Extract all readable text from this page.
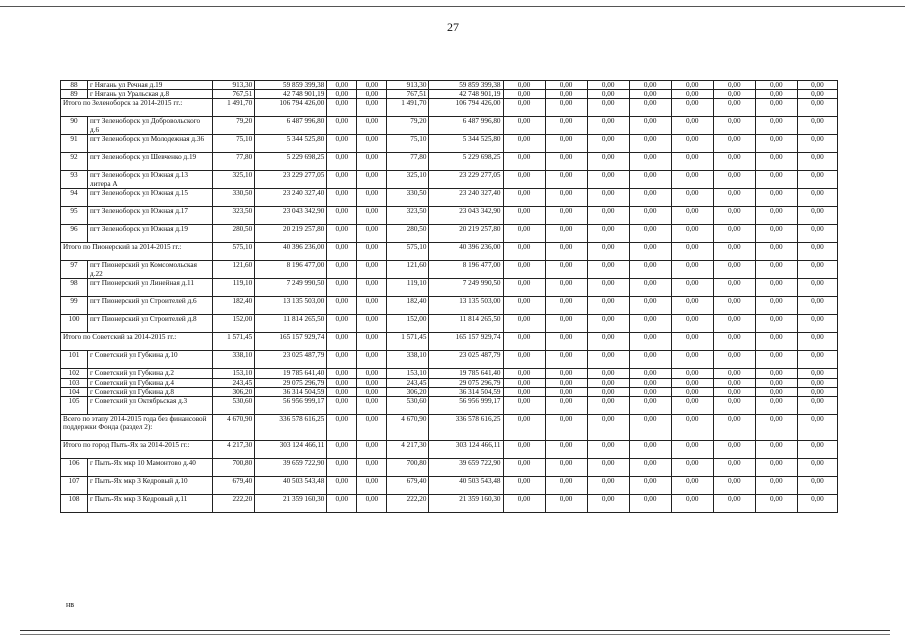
27
88	г Нягань ул Речная д.19	913,30	59 859 399,38	0,00	0,00	913,30	59 859 399,38	0,00	0,00	0,00	0,00	0,00	0,00	0,00	0,00
89	г Нягань ул Уральская д.8	767,51	42 748 901,19	0,00	0,00	767,51	42 748 901,19	0,00	0,00	0,00	0,00	0,00	0,00	0,00	0,00
Итого по Зеленоборск за 2014-2015 гг.:		1 491,70	106 794 426,00	0,00	0,00	1 491,70	106 794 426,00	0,00	0,00	0,00	0,00	0,00	0,00	0,00	0,00
90	пгт Зеленоборск ул Добровольского д.6	79,20	6 487 996,80	0,00	0,00	79,20	6 487 996,80	0,00	0,00	0,00	0,00	0,00	0,00	0,00	0,00
91	пгт Зеленоборск ул Молодежная д.36	75,10	5 344 525,80	0,00	0,00	75,10	5 344 525,80	0,00	0,00	0,00	0,00	0,00	0,00	0,00	0,00
92	пгт Зеленоборск ул Шевченко д.19	77,80	5 229 698,25	0,00	0,00	77,80	5 229 698,25	0,00	0,00	0,00	0,00	0,00	0,00	0,00	0,00
93	пгт Зеленоборск ул Южная д.13 литера А	325,10	23 229 277,05	0,00	0,00	325,10	23 229 277,05	0,00	0,00	0,00	0,00	0,00	0,00	0,00	0,00
94	пгт Зеленоборск ул Южная д.15	330,50	23 240 327,40	0,00	0,00	330,50	23 240 327,40	0,00	0,00	0,00	0,00	0,00	0,00	0,00	0,00
95	пгт Зеленоборск ул Южная д.17	323,50	23 043 342,90	0,00	0,00	323,50	23 043 342,90	0,00	0,00	0,00	0,00	0,00	0,00	0,00	0,00
96	пгт Зеленоборск ул Южная д.19	280,50	20 219 257,80	0,00	0,00	280,50	20 219 257,80	0,00	0,00	0,00	0,00	0,00	0,00	0,00	0,00
Итого по Пионерский за 2014-2015 гг.:		575,10	40 396 236,00	0,00	0,00	575,10	40 396 236,00	0,00	0,00	0,00	0,00	0,00	0,00	0,00	0,00
97	пгт Пионерский ул Комсомольская д.22	121,60	8 196 477,00	0,00	0,00	121,60	8 196 477,00	0,00	0,00	0,00	0,00	0,00	0,00	0,00	0,00
98	пгт Пионерский ул Линейная д.11	119,10	7 249 990,50	0,00	0,00	119,10	7 249 990,50	0,00	0,00	0,00	0,00	0,00	0,00	0,00	0,00
99	пгт Пионерский ул Строителей д.6	182,40	13 135 503,00	0,00	0,00	182,40	13 135 503,00	0,00	0,00	0,00	0,00	0,00	0,00	0,00	0,00
100	пгт Пионерский ул Строителей д.8	152,00	11 814 265,50	0,00	0,00	152,00	11 814 265,50	0,00	0,00	0,00	0,00	0,00	0,00	0,00	0,00
Итого по Советский за 2014-2015 гг.:		1 571,45	165 157 929,74	0,00	0,00	1 571,45	165 157 929,74	0,00	0,00	0,00	0,00	0,00	0,00	0,00	0,00
101	г Советский ул Губкина д.10	338,10	23 025 487,79	0,00	0,00	338,10	23 025 487,79	0,00	0,00	0,00	0,00	0,00	0,00	0,00	0,00
102	г Советский ул Губкина д.2	153,10	19 785 641,40	0,00	0,00	153,10	19 785 641,40	0,00	0,00	0,00	0,00	0,00	0,00	0,00	0,00
103	г Советский ул Губкина д.4	243,45	29 075 296,79	0,00	0,00	243,45	29 075 296,79	0,00	0,00	0,00	0,00	0,00	0,00	0,00	0,00
104	г Советский ул Губкина д.8	306,20	36 314 504,59	0,00	0,00	306,20	36 314 504,59	0,00	0,00	0,00	0,00	0,00	0,00	0,00	0,00
105	г Советский ул Октябрьская д.3	530,60	56 956 999,17	0,00	0,00	530,60	56 956 999,17	0,00	0,00	0,00	0,00	0,00	0,00	0,00	0,00
Всего по этапу 2014-2015 года без финансовой поддержки Фонда (раздел 2):		4 670,90	336 578 616,25	0,00	0,00	4 670,90	336 578 616,25	0,00	0,00	0,00	0,00	0,00	0,00	0,00	0,00
Итого по город Пыть-Ях за 2014-2015 гг.:		4 217,30	303 124 466,11	0,00	0,00	4 217,30	303 124 466,11	0,00	0,00	0,00	0,00	0,00	0,00	0,00	0,00
106	г Пыть-Ях мкр 10 Мамонтово д.40	700,80	39 659 722,90	0,00	0,00	700,80	39 659 722,90	0,00	0,00	0,00	0,00	0,00	0,00	0,00	0,00
107	г Пыть-Ях мкр 3 Кедровый д.10	679,40	40 503 543,48	0,00	0,00	679,40	40 503 543,48	0,00	0,00	0,00	0,00	0,00	0,00	0,00	0,00
108	г Пыть-Ях мкр 3 Кедровый д.11	222,20	21 359 160,30	0,00	0,00	222,20	21 359 160,30	0,00	0,00	0,00	0,00	0,00	0,00	0,00	0,00
нв
